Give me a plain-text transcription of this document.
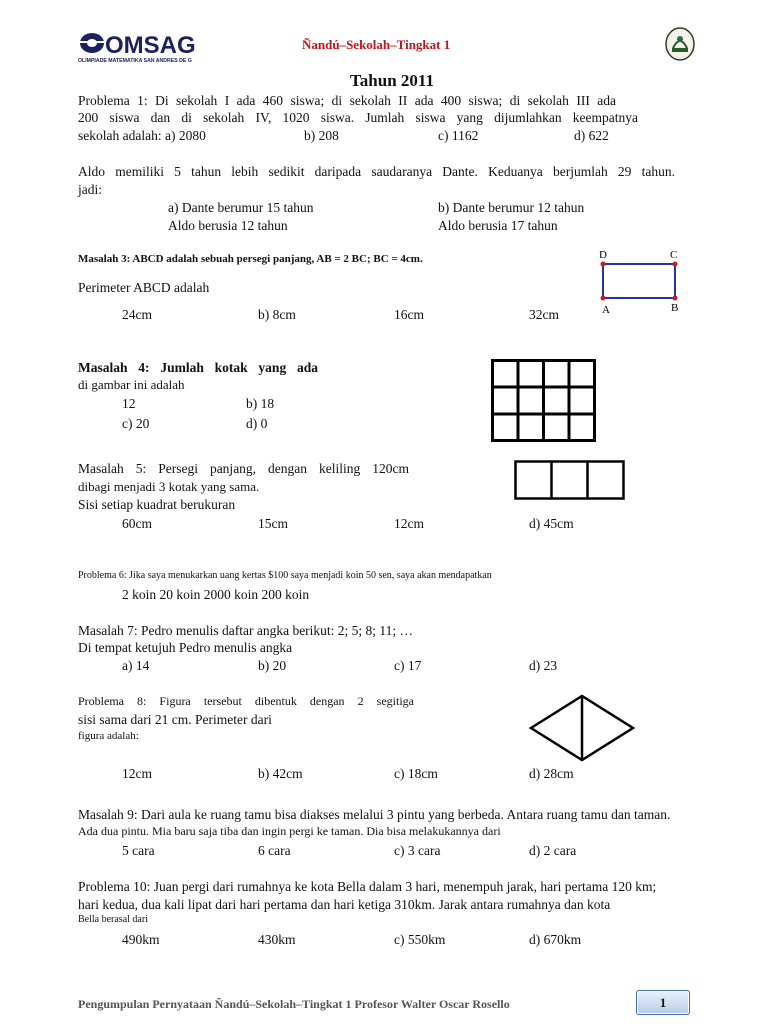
OMSAG
OLIMPIADE MATEMATIKA SAN ANDRES DE G
Ñandú–Sekolah–Tingkat 1
Tahun 2011
Problema 1: Di sekolah I ada 460 siswa; di sekolah II ada 400 siswa; di sekolah III ada
200 siswa dan di sekolah IV, 1020 siswa. Jumlah siswa yang dijumlahkan keempatnya
sekolah adalah: a) 2080	b) 208	c) 1162	d) 622
Aldo memiliki 5 tahun lebih sedikit daripada saudaranya Dante. Keduanya berjumlah 29 tahun.
jadi:
a) Dante berumur 15 tahun
Aldo berusia 12 tahun
b) Dante berumur 12 tahun
Aldo berusia 17 tahun
Masalah 3: ABCD adalah sebuah persegi panjang, AB = 2 BC; BC = 4cm.
Perimeter ABCD adalah
24cm	b) 8cm	16cm	32cm
D	C
A	B
Masalah 4: Jumlah kotak yang ada
di gambar ini adalah
12	b) 18
c) 20	d) 0
Masalah 5: Persegi panjang, dengan keliling 120cm
dibagi menjadi 3 kotak yang sama.
Sisi setiap kuadrat berukuran
60cm	15cm	12cm	d) 45cm
Problema 6: Jika saya menukarkan uang kertas $100 saya menjadi koin 50 sen, saya akan mendapatkan
2 koin 20 koin 2000 koin 200 koin
Masalah 7: Pedro menulis daftar angka berikut: 2; 5; 8; 11; …
Di tempat ketujuh Pedro menulis angka
a) 14	b) 20	c) 17	d) 23
Problema 8: Figura tersebut dibentuk dengan 2 segitiga
sisi sama dari 21 cm. Perimeter dari
figura adalah:
12cm	b) 42cm	c) 18cm	d) 28cm
Masalah 9: Dari aula ke ruang tamu bisa diakses melalui 3 pintu yang berbeda. Antara ruang tamu dan taman.
Ada dua pintu. Mia baru saja tiba dan ingin pergi ke taman. Dia bisa melakukannya dari
5 cara	6 cara	c) 3 cara	d) 2 cara
Problema 10: Juan pergi dari rumahnya ke kota Bella dalam 3 hari, menempuh jarak, hari pertama 120 km;
hari kedua, dua kali lipat dari hari pertama dan hari ketiga 310km. Jarak antara rumahnya dan kota
Bella berasal dari
490km	430km	c) 550km	d) 670km
Pengumpulan Pernyataan Ñandú–Sekolah–Tingkat 1 Profesor Walter Oscar Rosello	1
